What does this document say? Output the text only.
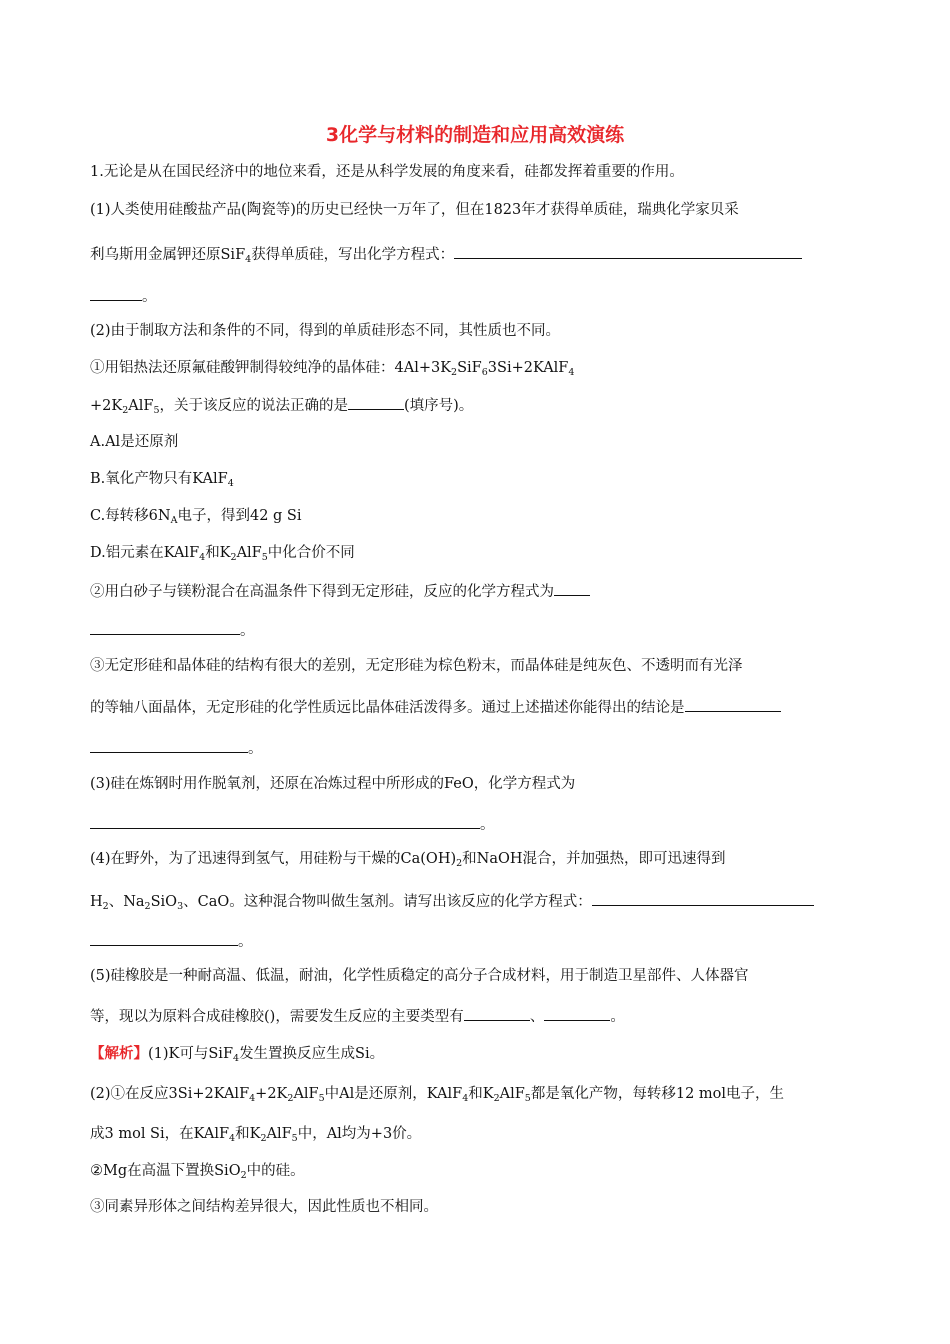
3化学与材料的制造和应用高效演练
1.无论是从在国民经济中的地位来看，还是从科学发展的角度来看，硅都发挥着重要的作用。
(1)人类使用硅酸盐产品(陶瓷等)的历史已经快一万年了，但在1823年才获得单质硅，瑞典化学家贝采
利乌斯用金属钾还原SiF$_4$获得单质硅，写出化学方程式：
。
(2)由于制取方法和条件的不同，得到的单质硅形态不同，其性质也不同。
①用铝热法还原氟硅酸钾制得较纯净的晶体硅：$4Al+3K_2SiF_63Si+2KAlF_4$
$+2K_2AlF_5$，关于该反应的说法正确的是	(填序号)。
A.Al是还原剂
B.氧化产物只有KAlF$_4$
C.每转移$6N_A$电子，得到42 g Si
D.铝元素在KAlF$_4$和$K_2AlF_5$中化合价不同
②用白砂子与镁粉混合在高温条件下得到无定形硅，反应的化学方程式为
。
③无定形硅和晶体硅的结构有很大的差别，无定形硅为棕色粉末，而晶体硅是纯灰色、不透明而有光泽
的等轴八面晶体，无定形硅的化学性质远比晶体硅活泼得多。通过上述描述你能得出的结论是
。
(3)硅在炼钢时用作脱氧剂，还原在冶炼过程中所形成的FeO，化学方程式为
。
(4)在野外，为了迅速得到氢气，用硅粉与干燥的$Ca(OH)_2$和NaOH混合，并加强热，即可迅速得到
$H_2$、$Na_2SiO_3$、CaO。这种混合物叫做生氢剂。请写出该反应的化学方程式：
。
(5)硅橡胶是一种耐高温、低温，耐油，化学性质稳定的高分子合成材料，用于制造卫星部件、人体器官
等，现以为原料合成硅橡胶()，需要发生反应的主要类型有	、	。
【解析】(1)K可与SiF$_4$发生置换反应生成Si。
(2)①在反应$3Si+2KAlF_4+2K_2AlF_5$中Al是还原剂，KAlF$_4$和$K_2AlF_5$都是氧化产物，每转移12 mol电子，生
成3 mol Si，在KAlF$_4$和$K_2AlF_5$中，Al均为+3价。
②Mg在高温下置换SiO$_2$中的硅。
③同素异形体之间结构差异很大，因此性质也不相同。
